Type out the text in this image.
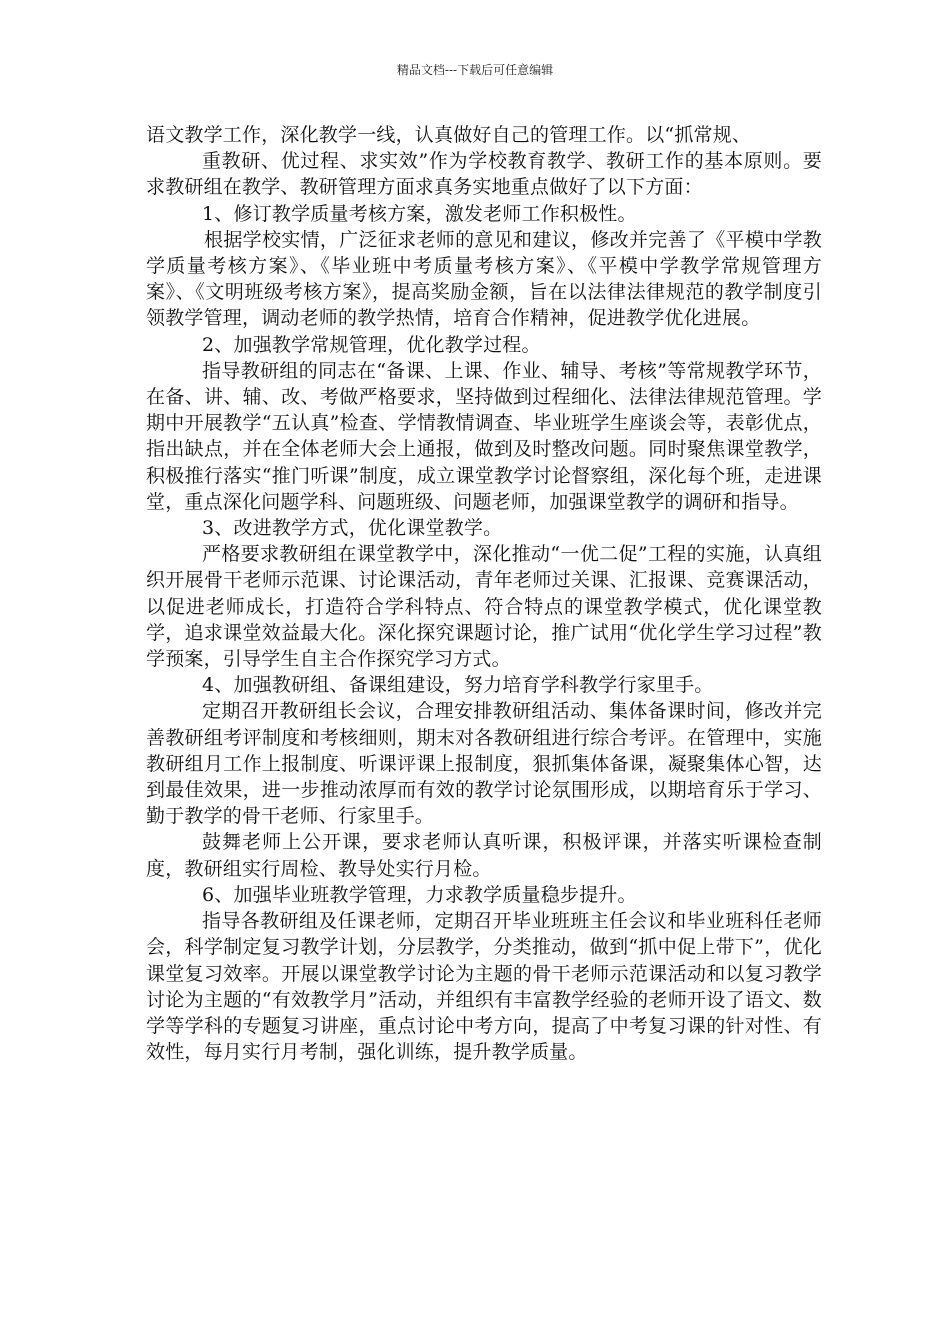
精品文档---下载后可任意编辑

语文教学工作，深化教学一线，认真做好自己的管理工作。以“抓常规、

重教研、优过程、求实效”作为学校教育教学、教研工作的基本原则。要求教研组在教学、教研管理方面求真务实地重点做好了以下方面：

1、修订教学质量考核方案，激发老师工作积极性。

根据学校实情，广泛征求老师的意见和建议，修改并完善了《平模中学教学质量考核方案》、《毕业班中考质量考核方案》、《平模中学教学常规管理方案》、《文明班级考核方案》，提高奖励金额，旨在以法律法律规范的教学制度引领教学管理，调动老师的教学热情，培育合作精神，促进教学优化进展。

2、加强教学常规管理，优化教学过程。

指导教研组的同志在“备课、上课、作业、辅导、考核”等常规教学环节，在备、讲、辅、改、考做严格要求，坚持做到过程细化、法律法律规范管理。学期中开展教学“五认真”检查、学情教情调查、毕业班学生座谈会等，表彰优点，指出缺点，并在全体老师大会上通报，做到及时整改问题。同时聚焦课堂教学，积极推行落实“推门听课”制度，成立课堂教学讨论督察组，深化每个班，走进课堂，重点深化问题学科、问题班级、问题老师，加强课堂教学的调研和指导。

3、改进教学方式，优化课堂教学。

严格要求教研组在课堂教学中，深化推动“一优二促”工程的实施，认真组织开展骨干老师示范课、讨论课活动，青年老师过关课、汇报课、竞赛课活动，以促进老师成长，打造符合学科特点、符合特点的课堂教学模式，优化课堂教学，追求课堂效益最大化。深化探究课题讨论，推广试用“优化学生学习过程”教学预案，引导学生自主合作探究学习方式。

4、加强教研组、备课组建设，努力培育学科教学行家里手。

定期召开教研组长会议，合理安排教研组活动、集体备课时间，修改并完善教研组考评制度和考核细则，期末对各教研组进行综合考评。在管理中，实施教研组月工作上报制度、听课评课上报制度，狠抓集体备课，凝聚集体心智，达到最佳效果，进一步推动浓厚而有效的教学讨论氛围形成，以期培育乐于学习、勤于教学的骨干老师、行家里手。

鼓舞老师上公开课，要求老师认真听课，积极评课，并落实听课检查制度，教研组实行周检、教导处实行月检。

6、加强毕业班教学管理，力求教学质量稳步提升。

指导各教研组及任课老师，定期召开毕业班班主任会议和毕业班科任老师会，科学制定复习教学计划，分层教学，分类推动，做到“抓中促上带下”，优化课堂复习效率。开展以课堂教学讨论为主题的骨干老师示范课活动和以复习教学讨论为主题的“有效教学月”活动，并组织有丰富教学经验的老师开设了语文、数学等学科的专题复习讲座，重点讨论中考方向，提高了中考复习课的针对性、有效性，每月实行月考制，强化训练，提升教学质量。
